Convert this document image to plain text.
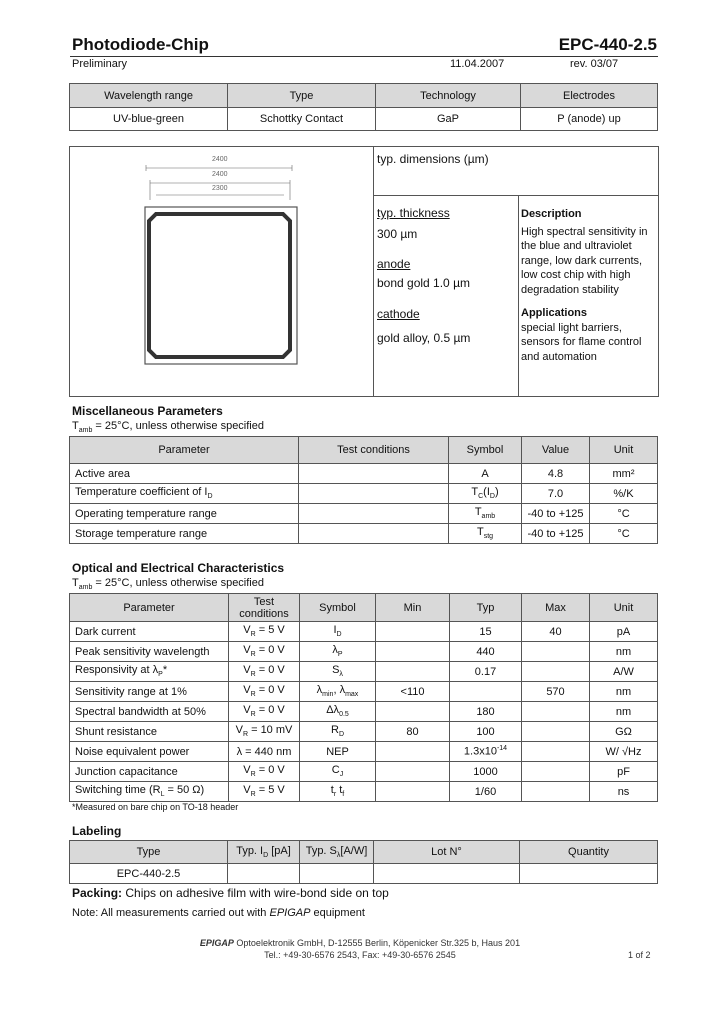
Photodiode-Chip	EPC-440-2.5
Preliminary	11.04.2007	rev. 03/07
Wavelength range	Type	Technology	Electrodes
UV-blue-green	Schottky Contact	GaP	P (anode) up
2400
2400
2300
typ. dimensions (µm)
typ. thickness
300 µm
anode
bond gold 1.0 µm
cathode
gold alloy, 0.5 µm
Description
High spectral sensitivity in
the blue and ultraviolet
range, low dark currents,
low cost chip with high
degradation stability
Applications
special light barriers,
sensors for flame control
and automation
Miscellaneous Parameters
$T_{amb} = 25^\circ C$, unless otherwise specified
Parameter	Test conditions	Symbol	Value	Unit
Active area		A	4.8	mm²
Temperature coefficient of $I_D$		$T_C(I_D)$	7.0	%/K
Operating temperature range		$T_{amb}$	-40 to +125	°C
Storage temperature range		$T_{stg}$	-40 to +125	°C
Optical and Electrical Characteristics
$T_{amb} = 25^\circ C$, unless otherwise specified
Parameter	Test conditions	Symbol	Min	Typ	Max	Unit
Dark current	$V_R = 5$ V	$I_D$		15	40	pA
Peak sensitivity wavelength	$V_R = 0$ V	$\lambda_P$		440		nm
Responsivity at $\lambda_P*$	$V_R = 0$ V	$S_\lambda$		0.17		A/W
Sensitivity range at 1%	$V_R = 0$ V	$\lambda_{min}$, $\lambda_{max}$	<110		570	nm
Spectral bandwidth at 50%	$V_R = 0$ V	$\Delta\lambda_{0.5}$		180		nm
Shunt resistance	$V_R = 10$ mV	$R_D$	80	100		GΩ
Noise equivalent power	λ = 440 nm	NEP		$1.3x10^{-14}$		W/ √Hz
Junction capacitance	$V_R = 0$ V	$C_J$		1000		pF
Switching time ($R_L = 50$ Ω)	$V_R = 5$ V	$t_r$ $t_f$		1/60		ns
*Measured on bare chip on TO-18 header
Labeling
Type	Typ. $I_D$ [pA]	Typ. $S_\lambda[A/W]$	Lot N°	Quantity
EPC-440-2.5				
Packing: Chips on adhesive film with wire-bond side on top
Note: All measurements carried out with EPIGAP equipment
EPIGAP Optoelektronik GmbH, D-12555 Berlin, Köpenicker Str.325 b, Haus 201
Tel.: +49-30-6576 2543, Fax: +49-30-6576 2545	1 of 2
